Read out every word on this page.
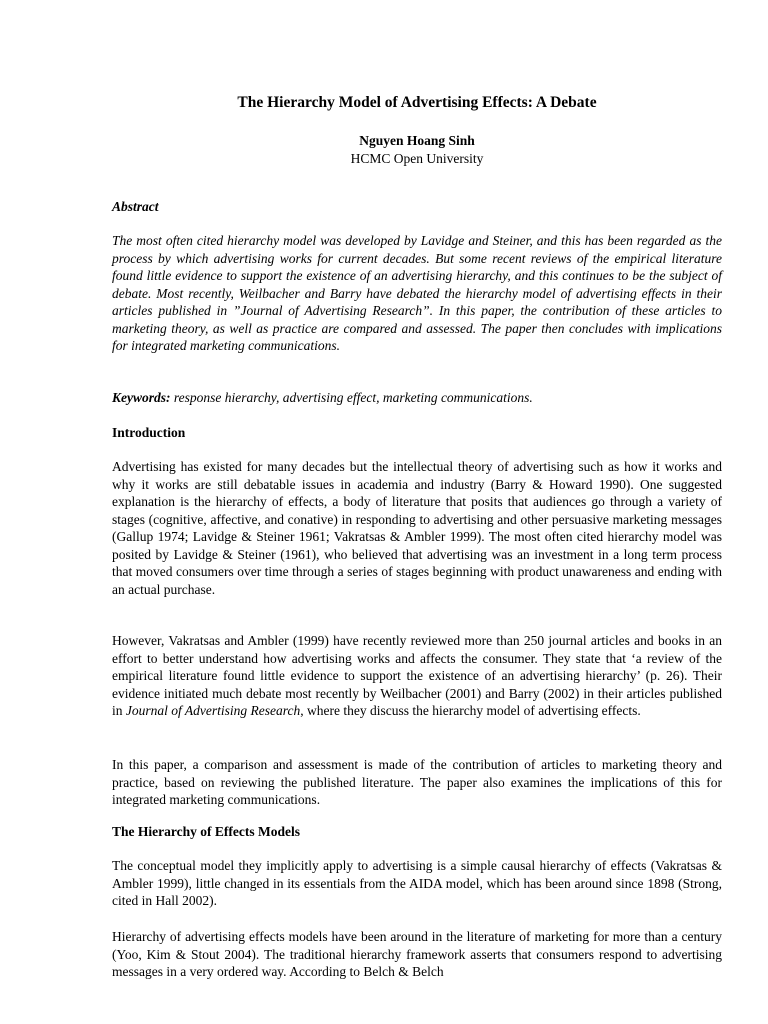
The Hierarchy Model of Advertising Effects: A Debate
Nguyen Hoang Sinh
HCMC Open University
Abstract
The most often cited hierarchy model was developed by Lavidge and Steiner, and this has been regarded as the process by which advertising works for current decades. But some recent reviews of the empirical literature found little evidence to support the existence of an advertising hierarchy, and this continues to be the subject of debate. Most recently, Weilbacher and Barry have debated the hierarchy model of advertising effects in their articles published in ”Journal of Advertising Research”. In this paper, the contribution of these articles to marketing theory, as well as practice are compared and assessed. The paper then concludes with implications for integrated marketing communications.
Keywords: response hierarchy, advertising effect, marketing communications.
Introduction
Advertising has existed for many decades but the intellectual theory of advertising such as how it works and why it works are still debatable issues in academia and industry (Barry & Howard 1990). One suggested explanation is the hierarchy of effects, a body of literature that posits that audiences go through a variety of stages (cognitive, affective, and conative) in responding to advertising and other persuasive marketing messages (Gallup 1974; Lavidge & Steiner 1961; Vakratsas & Ambler 1999). The most often cited hierarchy model was posited by Lavidge & Steiner (1961), who believed that advertising was an investment in a long term process that moved consumers over time through a series of stages beginning with product unawareness and ending with an actual purchase.
However, Vakratsas and Ambler (1999) have recently reviewed more than 250 journal articles and books in an effort to better understand how advertising works and affects the consumer. They state that ‘a review of the empirical literature found little evidence to support the existence of an advertising hierarchy’ (p. 26). Their evidence initiated much debate most recently by Weilbacher (2001) and Barry (2002) in their articles published in Journal of Advertising Research, where they discuss the hierarchy model of advertising effects.
In this paper, a comparison and assessment is made of the contribution of articles to marketing theory and practice, based on reviewing the published literature. The paper also examines the implications of this for integrated marketing communications.
The Hierarchy of Effects Models
The conceptual model they implicitly apply to advertising is a simple causal hierarchy of effects (Vakratsas & Ambler 1999), little changed in its essentials from the AIDA model, which has been around since 1898 (Strong, cited in Hall 2002).
Hierarchy of advertising effects models have been around in the literature of marketing for more than a century (Yoo, Kim & Stout 2004). The traditional hierarchy framework asserts that consumers respond to advertising messages in a very ordered way. According to Belch & Belch
